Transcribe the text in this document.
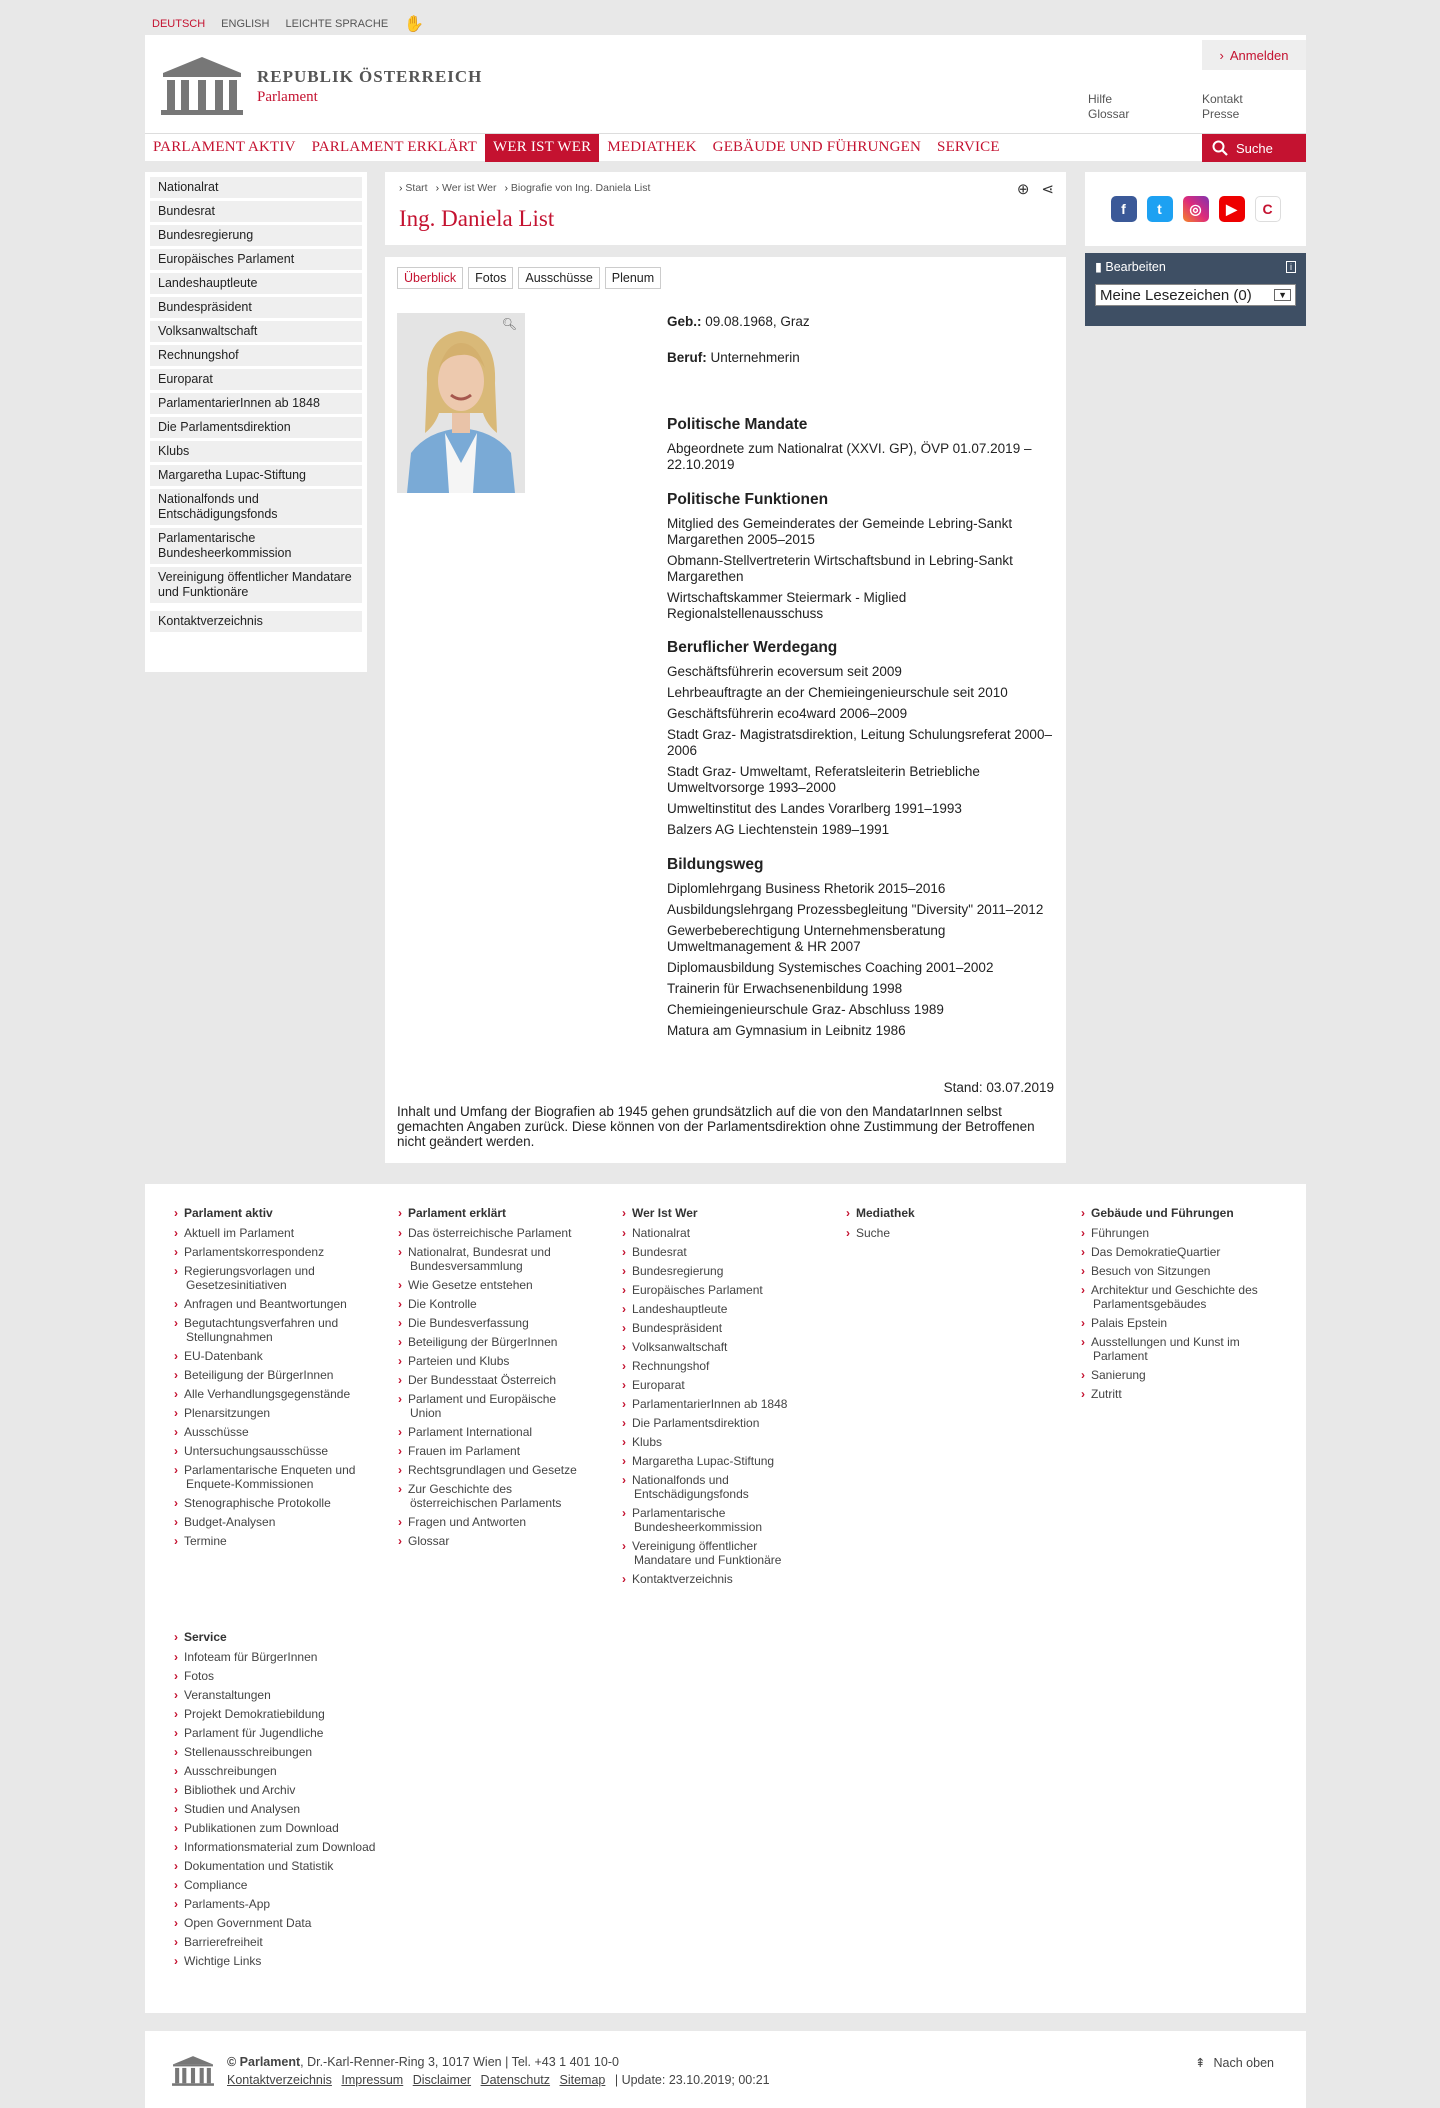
DEUTSCH ENGLISH LEICHTE SPRACHE ✋
REPUBLIK ÖSTERREICH
Parlament
› Anmelden
Hilfe
Glossar
Kontakt
Presse
PARLAMENT AKTIV	PARLAMENT ERKLÄRT	WER IST WER	MEDIATHEK	GEBÄUDE UND FÜHRUNGEN	SERVICE	Suche
Nationalrat
Bundesrat
Bundesregierung
Europäisches Parlament
Landeshauptleute
Bundespräsident
Volksanwaltschaft
Rechnungshof
Europarat
ParlamentarierInnen ab 1848
Die Parlamentsdirektion
Klubs
Margaretha Lupac-Stiftung
Nationalfonds und Entschädigungsfonds
Parlamentarische Bundesheerkommission
Vereinigung öffentlicher Mandatare und Funktionäre
Kontaktverzeichnis
› Start	› Wer ist Wer	› Biografie von Ing. Daniela List	⊕ ⋖
Ing. Daniela List
Überblick	Fotos	Ausschüsse	Plenum
🔍︎	Geb.: 09.08.1968, Graz

Beruf: Unternehmerin

Politische Mandate

Abgeordnete zum Nationalrat (XXVI. GP), ÖVP 01.07.2019 – 22.10.2019

Politische Funktionen

Mitglied des Gemeinderates der Gemeinde Lebring-Sankt Margarethen 2005–2015

Obmann-Stellvertreterin Wirtschaftsbund in Lebring-Sankt Margarethen

Wirtschaftskammer Steiermark - Miglied Regionalstellenausschuss

Beruflicher Werdegang

Geschäftsführerin ecoversum seit 2009

Lehrbeauftragte an der Chemieingenieurschule seit 2010

Geschäftsführerin eco4ward 2006–2009

Stadt Graz- Magistratsdirektion, Leitung Schulungsreferat 2000–2006

Stadt Graz- Umweltamt, Referatsleiterin Betriebliche Umweltvorsorge 1993–2000

Umweltinstitut des Landes Vorarlberg 1991–1993

Balzers AG Liechtenstein 1989–1991

Bildungsweg

Diplomlehrgang Business Rhetorik 2015–2016

Ausbildungslehrgang Prozessbegleitung "Diversity" 2011–2012

Gewerbeberechtigung Unternehmensberatung Umweltmanagement & HR 2007

Diplomausbildung Systemisches Coaching 2001–2002

Trainerin für Erwachsenenbildung 1998

Chemieingenieurschule Graz- Abschluss 1989

Matura am Gymnasium in Leibnitz 1986

Stand: 03.07.2019
Inhalt und Umfang der Biografien ab 1945 gehen grundsätzlich auf die von den MandatarInnen selbst gemachten Angaben zurück. Diese können von der Parlamentsdirektion ohne Zustimmung der Betroffenen nicht geändert werden.
f	t	◎	▶	C
▮ Bearbeiten	i
Meine Lesezeichen (0)	▼
› Parlament aktiv
› Aktuell im Parlament
› Parlamentskorrespondenz
› Regierungsvorlagen und Gesetzesinitiativen
› Anfragen und Beantwortungen
› Begutachtungsverfahren und Stellungnahmen
› EU-Datenbank
› Beteiligung der BürgerInnen
› Alle Verhandlungsgegenstände
› Plenarsitzungen
› Ausschüsse
› Untersuchungsausschüsse
› Parlamentarische Enqueten und Enquete-Kommissionen
› Stenographische Protokolle
› Budget-Analysen
› Termine
› Parlament erklärt
› Das österreichische Parlament
› Nationalrat, Bundesrat und Bundesversammlung
› Wie Gesetze entstehen
› Die Kontrolle
› Die Bundesverfassung
› Beteiligung der BürgerInnen
› Parteien und Klubs
› Der Bundesstaat Österreich
› Parlament und Europäische Union
› Parlament International
› Frauen im Parlament
› Rechtsgrundlagen und Gesetze
› Zur Geschichte des österreichischen Parlaments
› Fragen und Antworten
› Glossar
› Wer Ist Wer
› Nationalrat
› Bundesrat
› Bundesregierung
› Europäisches Parlament
› Landeshauptleute
› Bundespräsident
› Volksanwaltschaft
› Rechnungshof
› Europarat
› ParlamentarierInnen ab 1848
› Die Parlamentsdirektion
› Klubs
› Margaretha Lupac-Stiftung
› Nationalfonds und Entschädigungsfonds
› Parlamentarische Bundesheerkommission
› Vereinigung öffentlicher Mandatare und Funktionäre
› Kontaktverzeichnis
› Mediathek
› Suche
› Gebäude und Führungen
› Führungen
› Das DemokratieQuartier
› Besuch von Sitzungen
› Architektur und Geschichte des Parlamentsgebäudes
› Palais Epstein
› Ausstellungen und Kunst im Parlament
› Sanierung
› Zutritt
› Service
› Infoteam für BürgerInnen
› Fotos
› Veranstaltungen
› Projekt Demokratiebildung
› Parlament für Jugendliche
› Stellenausschreibungen
› Ausschreibungen
› Bibliothek und Archiv
› Studien und Analysen
› Publikationen zum Download
› Informationsmaterial zum Download
› Dokumentation und Statistik
› Compliance
› Parlaments-App
› Open Government Data
› Barrierefreiheit
› Wichtige Links
© Parlament, Dr.-Karl-Renner-Ring 3, 1017 Wien | Tel. +43 1 401 10-0
Kontaktverzeichnis Impressum Disclaimer Datenschutz Sitemap | Update: 23.10.2019; 00:21
⇞ Nach oben
